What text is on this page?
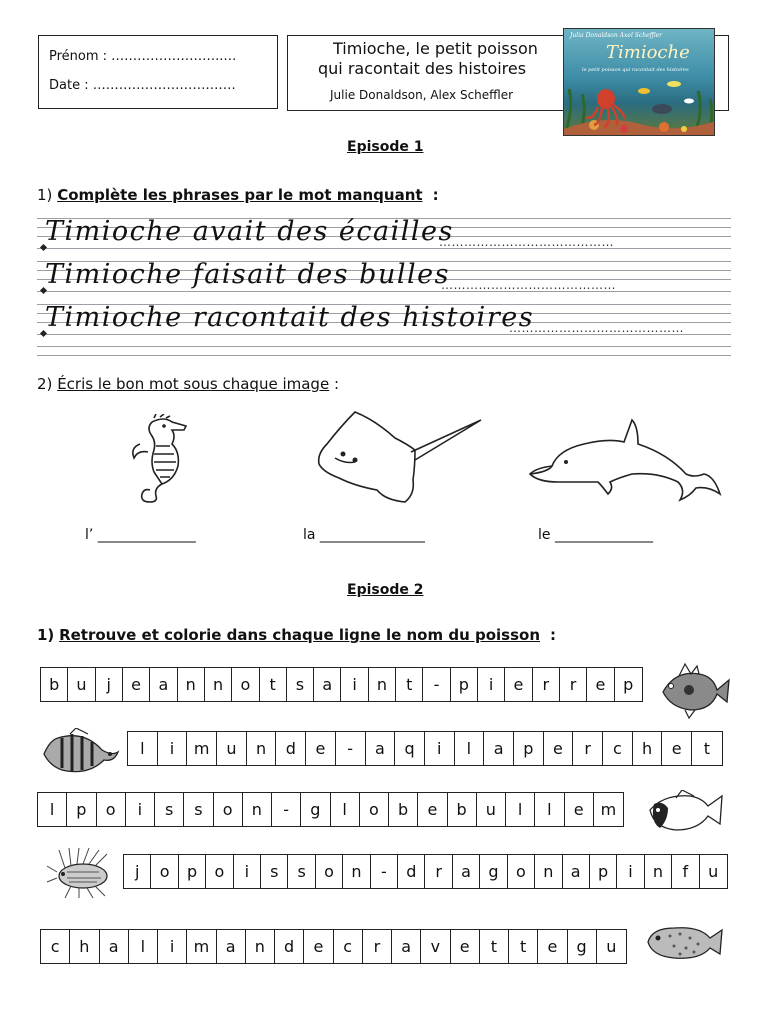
Prénom : ……………………..…
Date : ……………………………
Timioche, le petit poisson
qui racontait des histoires
Julie Donaldson, Alex Scheffler
Julia Donaldson Axel Scheffler
Timioche
le petit poisson qui racontait des histoires
Episode 1
1) Complète les phrases par le mot manquant :
Timioche avait des écailles
……………………………………
Timioche faisait des bulles
……………………………………
Timioche racontait des histoires
……………………………………
2) Écris le bon mot sous chaque image :
l’ ______________	la _______________	le ______________
Episode 2
1) Retrouve et colorie dans chaque ligne le nom du poisson :
b	u	j	e	a	n	n	o	t	s	a	i	n	t	-	p	i	e	r	r	e	p
l	i	m	u	n	d	e	-	a	q	i	l	a	p	e	r	c	h	e	t
l	p	o	i	s	s	o	n	-	g	l	o	b	e	b	u	l	l	e	m
j	o	p	o	i	s	s	o	n	-	d	r	a	g	o	n	a	p	i	n	f	u
c	h	a	l	i	m	a	n	d	e	c	r	a	v	e	t	t	e	g	u
